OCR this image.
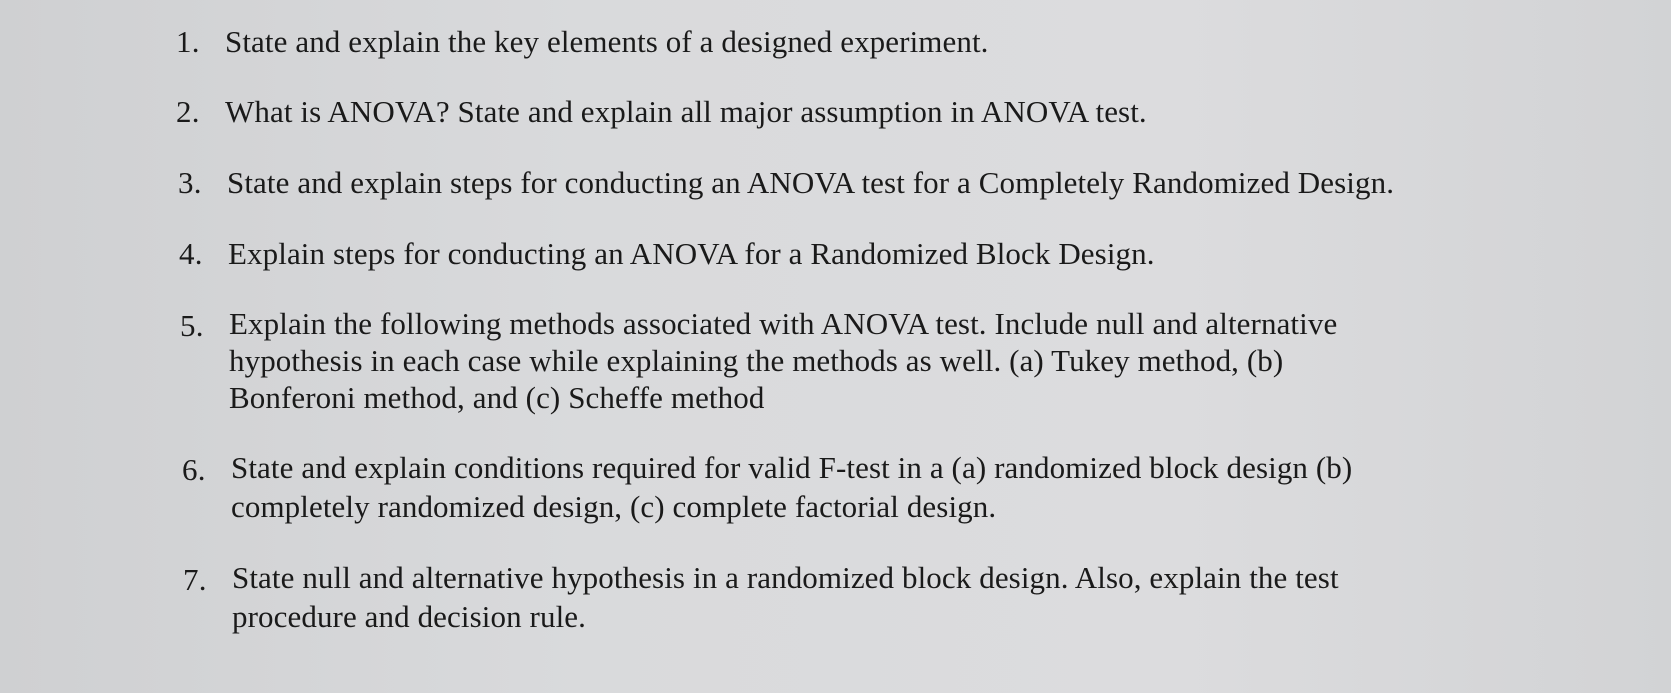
1. State and explain the key elements of a designed experiment.
2. What is ANOVA? State and explain all major assumption in ANOVA test.
3. State and explain steps for conducting an ANOVA test for a Completely Randomized Design.
4. Explain steps for conducting an ANOVA for a Randomized Block Design.
5. Explain the following methods associated with ANOVA test. Include null and alternative
hypothesis in each case while explaining the methods as well. (a) Tukey method, (b)
Bonferoni method, and (c) Scheffe method
6. State and explain conditions required for valid F-test in a (a) randomized block design (b)
completely randomized design, (c) complete factorial design.
7. State null and alternative hypothesis in a randomized block design. Also, explain the test
procedure and decision rule.
